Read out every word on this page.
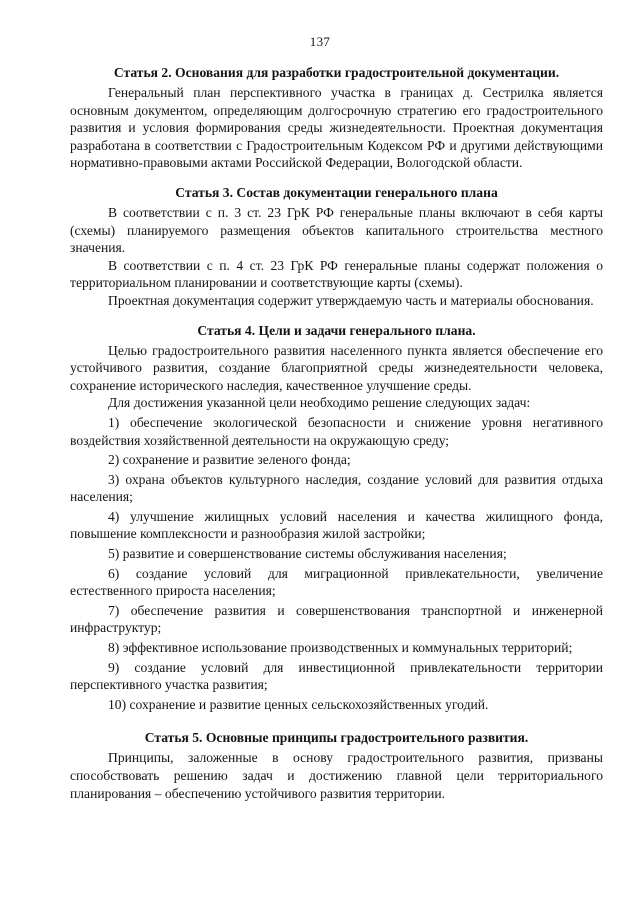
137
Статья 2. Основания для разработки градостроительной документации.

Генеральный план перспективного участка в границах д. Сестрилка является основным документом, определяющим долгосрочную стратегию его градостроительного развития и условия формирования среды жизнедеятельности. Проектная документация разработана в соответствии с Градостроительным Кодексом РФ и другими действующими нормативно-правовыми актами Российской Федерации, Вологодской области.

Статья 3. Состав документации генерального плана

В соответствии с п. 3 ст. 23 ГрК РФ генеральные планы включают в себя карты (схемы) планируемого размещения объектов капитального строительства местного значения.

В соответствии с п. 4 ст. 23 ГрК РФ генеральные планы содержат положения о территориальном планировании и соответствующие карты (схемы).

Проектная документация содержит утверждаемую часть и материалы обоснования.

Статья 4. Цели и задачи генерального плана.

Целью градостроительного развития населенного пункта является обеспечение его устойчивого развития, создание благоприятной среды жизнедеятельности человека, сохранение исторического наследия, качественное улучшение среды.

Для достижения указанной цели необходимо решение следующих задач:

1) обеспечение экологической безопасности и снижение уровня негативного воздействия хозяйственной деятельности на окружающую среду;

2) сохранение и развитие зеленого фонда;

3) охрана объектов культурного наследия, создание условий для развития отдыха населения;

4) улучшение жилищных условий населения и качества жилищного фонда, повышение комплексности и разнообразия жилой застройки;

5) развитие и совершенствование системы обслуживания населения;

6) создание условий для миграционной привлекательности, увеличение естественного прироста населения;

7) обеспечение развития и совершенствования транспортной и инженерной инфраструктур;

8) эффективное использование производственных и коммунальных территорий;

9) создание условий для инвестиционной привлекательности территории перспективного участка развития;

10) сохранение и развитие ценных сельскохозяйственных угодий.

Статья 5. Основные принципы градостроительного развития.

Принципы, заложенные в основу градостроительного развития, призваны способствовать решению задач и достижению главной цели территориального планирования – обеспечению устойчивого развития территории.
